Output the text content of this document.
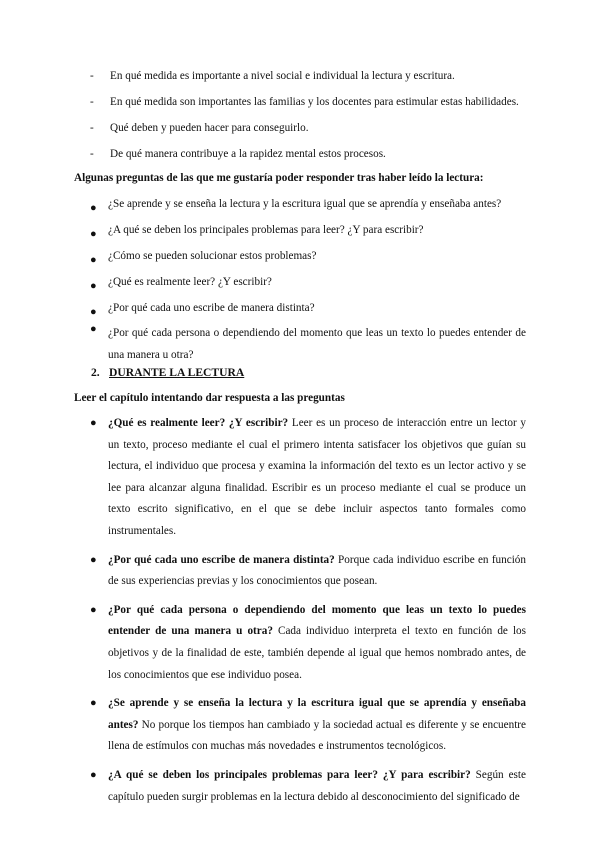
- En qué medida es importante a nivel social e individual la lectura y escritura.
- En qué medida son importantes las familias y los docentes para estimular estas habilidades.
- Qué deben y pueden hacer para conseguirlo.
- De qué manera contribuye a la rapidez mental estos procesos.
Algunas preguntas de las que me gustaría poder responder tras haber leído la lectura:
● ¿Se aprende y se enseña la lectura y la escritura igual que se aprendía y enseñaba antes?
● ¿A qué se deben los principales problemas para leer? ¿Y para escribir?
● ¿Cómo se pueden solucionar estos problemas?
● ¿Qué es realmente leer? ¿Y escribir?
● ¿Por qué cada uno escribe de manera distinta?
● ¿Por qué cada persona o dependiendo del momento que leas un texto lo puedes entender de una manera u otra?
2. DURANTE LA LECTURA
Leer el capítulo intentando dar respuesta a las preguntas
● ¿Qué es realmente leer? ¿Y escribir? Leer es un proceso de interacción entre un lector y un texto, proceso mediante el cual el primero intenta satisfacer los objetivos que guían su lectura, el individuo que procesa y examina la información del texto es un lector activo y se lee para alcanzar alguna finalidad. Escribir es un proceso mediante el cual se produce un texto escrito significativo, en el que se debe incluir aspectos tanto formales como instrumentales.
● ¿Por qué cada uno escribe de manera distinta? Porque cada individuo escribe en función de sus experiencias previas y los conocimientos que posean.
● ¿Por qué cada persona o dependiendo del momento que leas un texto lo puedes entender de una manera u otra? Cada individuo interpreta el texto en función de los objetivos y de la finalidad de este, también depende al igual que hemos nombrado antes, de los conocimientos que ese individuo posea.
● ¿Se aprende y se enseña la lectura y la escritura igual que se aprendía y enseñaba antes? No porque los tiempos han cambiado y la sociedad actual es diferente y se encuentre llena de estímulos con muchas más novedades e instrumentos tecnológicos.
● ¿A qué se deben los principales problemas para leer? ¿Y para escribir? Según este capítulo pueden surgir problemas en la lectura debido al desconocimiento del significado de
